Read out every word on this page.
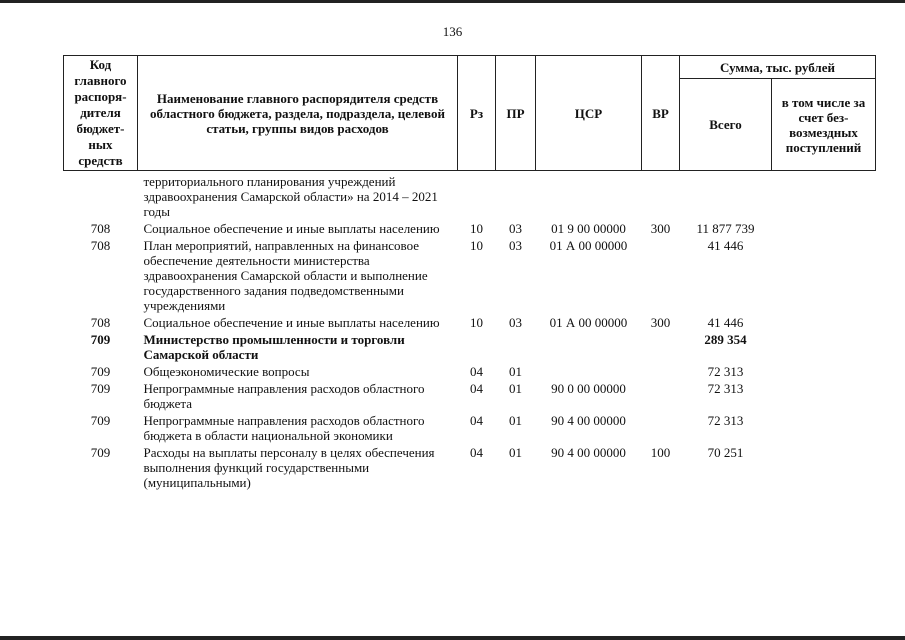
136
Код главного распоря- дителя бюджет- ных средств	Наименование главного распорядителя средств областного бюджета, раздела, подраздела, целевой статьи, группы видов расходов	Рз	ПР	ЦСР	ВР	Сумма, тыс. рублей	
						Всего	в том числе за счет без- возмездных поступлений
	территориального планирования учреждений здравоохранения Самарской области» на 2014 – 2021 годы						
708	Социальное обеспечение и иные выплаты населению	10	03	01 9 00 00000	300	11 877 739	
708	План мероприятий, направленных на финансовое обеспечение деятельности министерства здравоохранения Самарской области и выполнение государственного задания подведомственными учреждениями	10	03	01 А 00 00000		41 446	
708	Социальное обеспечение и иные выплаты населению	10	03	01 А 00 00000	300	41 446	
709	Министерство промышленности и торговли Самарской области					289 354	
709	Общеэкономические вопросы	04	01			72 313	
709	Непрограммные направления расходов областного бюджета	04	01	90 0 00 00000		72 313	
709	Непрограммные направления расходов областного бюджета в области национальной экономики	04	01	90 4 00 00000		72 313	
709	Расходы на выплаты персоналу в целях обеспечения выполнения функций государственными (муниципальными)	04	01	90 4 00 00000	100	70 251	
